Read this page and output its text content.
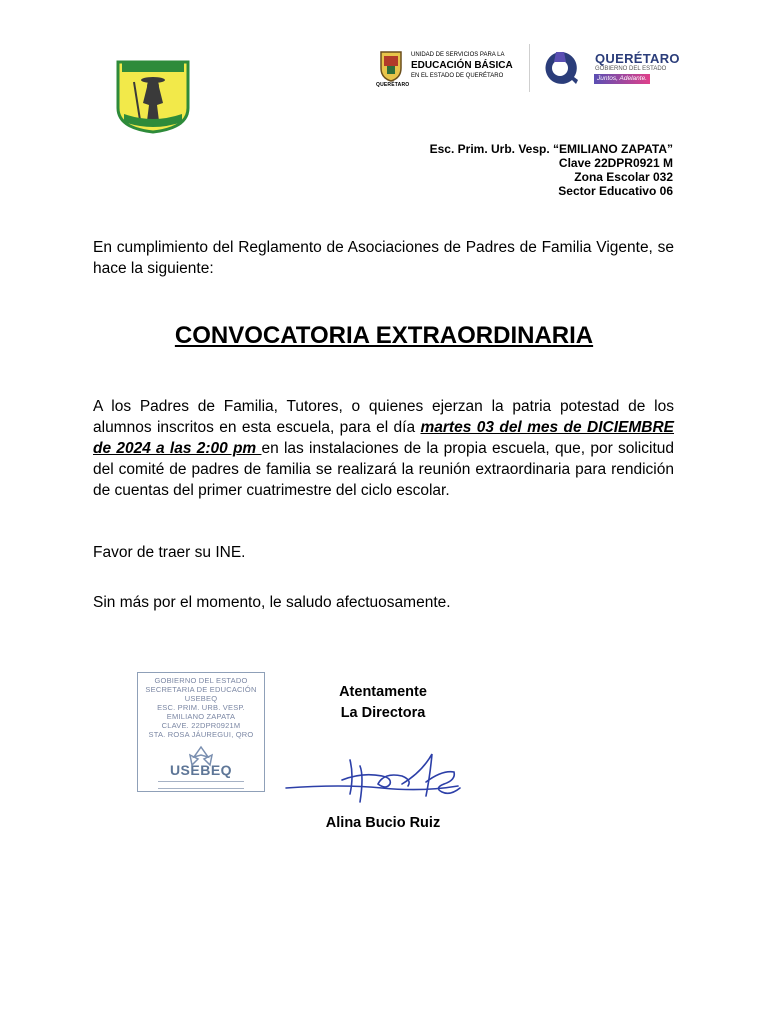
QUERÉTARO
UNIDAD DE SERVICIOS PARA LA
EDUCACIÓN BÁSICA
EN EL ESTADO DE QUERÉTARO
QUERÉTARO
GOBIERNO DEL ESTADO
Juntos, Adelante.
Esc. Prim. Urb. Vesp. “EMILIANO ZAPATA”
Clave 22DPR0921 M
Zona Escolar 032
Sector Educativo 06
En cumplimiento del Reglamento de Asociaciones de Padres de Familia Vigente, se hace la siguiente:
CONVOCATORIA EXTRAORDINARIA
A los Padres de Familia, Tutores, o quienes ejerzan la patria potestad de los alumnos inscritos en esta escuela, para el día martes 03 del mes de DICIEMBRE de 2024 a las 2:00 pm en las instalaciones de la propia escuela, que, por solicitud del comité de padres de familia se realizará la reunión extraordinaria para rendición de cuentas del primer cuatrimestre del ciclo escolar.
Favor de traer su INE.
Sin más por el momento, le saludo afectuosamente.
GOBIERNO DEL ESTADO
SECRETARIA DE EDUCACIÓN
USEBEQ
ESC. PRIM. URB. VESP.
EMILIANO ZAPATA
CLAVE. 22DPR0921M
STA. ROSA JÁUREGUI, QRO
USEBEQ
Atentamente
La Directora
Alina Bucio Ruiz
